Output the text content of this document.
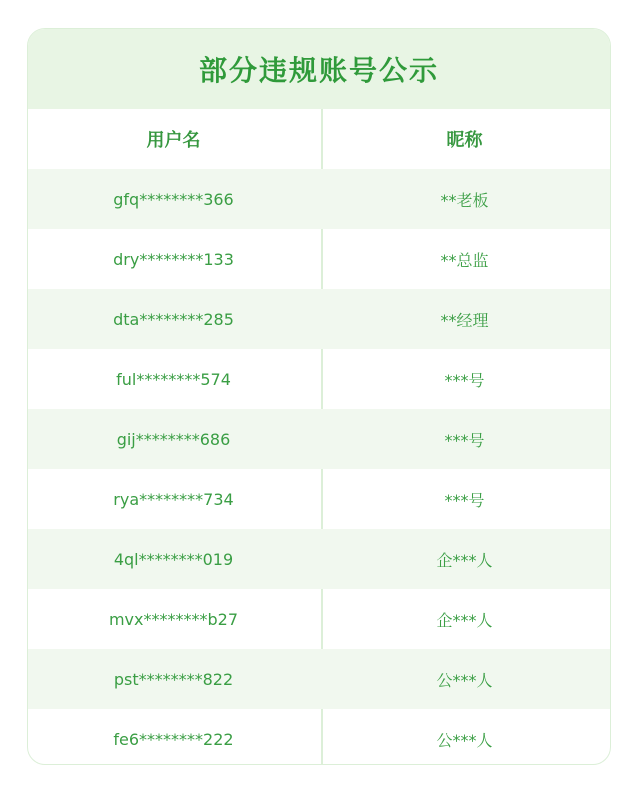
部分违规账号公示
用户名	昵称
gfq********366	**老板
dry********133	**总监
dta********285	**经理
ful********574	***号
gij********686	***号
rya********734	***号
4ql********019	企***人
mvx********b27	企***人
pst********822	公***人
fe6********222	公***人
